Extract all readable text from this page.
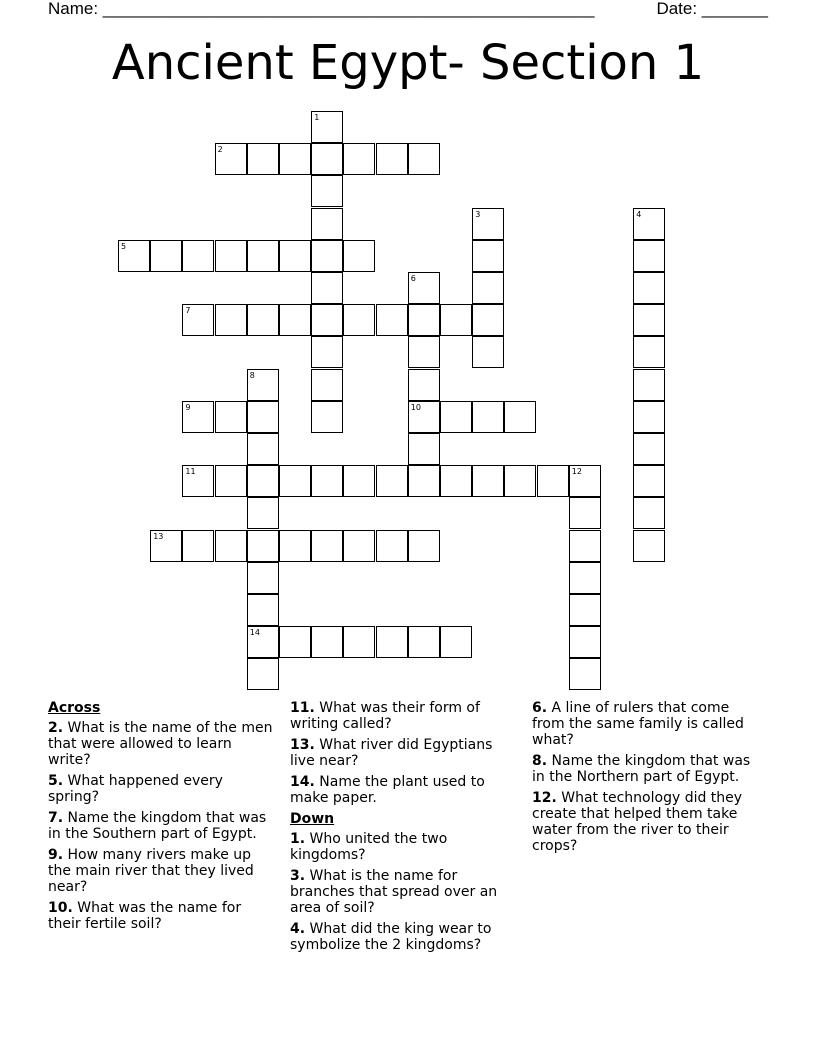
Name: ____________________________________________________	Date: _______
Ancient Egypt- Section 1
1
2
3	4
5
6
10
7
8
14
9
11	12
13
Across
2. What is the name of the men that were allowed to learn write?
5. What happened every spring?
7. Name the kingdom that was in the Southern part of Egypt.
9. How many rivers make up the main river that they lived near?
10. What was the name for their fertile soil?
11. What was their form of writing called?
13. What river did Egyptians live near?
14. Name the plant used to make paper.
Down
1. Who united the two kingdoms?
3. What is the name for branches that spread over an area of soil?
4. What did the king wear to symbolize the 2 kingdoms?
6. A line of rulers that come from the same family is called what?
8. Name the kingdom that was in the Northern part of Egypt.
12. What technology did they create that helped them take water from the river to their crops?
